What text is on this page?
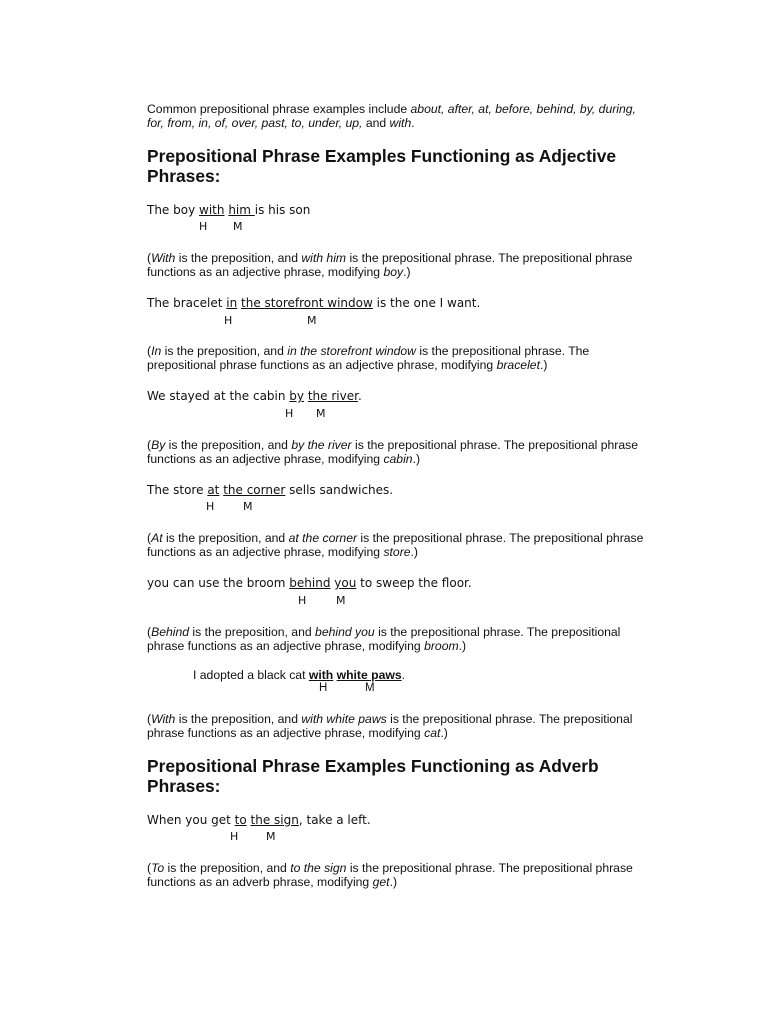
Common prepositional phrase examples include about, after, at, before, behind, by, during, for, from, in, of, over, past, to, under, up, and with.

Prepositional Phrase Examples Functioning as Adjective Phrases:
The boy with him is his son
H M

(With is the preposition, and with him is the prepositional phrase. The prepositional phrase functions as an adjective phrase, modifying boy.)

The bracelet in the storefront window is the one I want.
H	M

(In is the preposition, and in the storefront window is the prepositional phrase. The prepositional phrase functions as an adjective phrase, modifying bracelet.)

We stayed at the cabin by the river.
H M

(By is the preposition, and by the river is the prepositional phrase. The prepositional phrase functions as an adjective phrase, modifying cabin.)

The store at the corner sells sandwiches.
H	M

(At is the preposition, and at the corner is the prepositional phrase. The prepositional phrase functions as an adjective phrase, modifying store.)

you can use the broom behind you to sweep the floor.
H	M

(Behind is the preposition, and behind you is the prepositional phrase. The prepositional phrase functions as an adjective phrase, modifying broom.)

I adopted a black cat with white paws.
H	M

(With is the preposition, and with white paws is the prepositional phrase. The prepositional phrase functions as an adjective phrase, modifying cat.)

Prepositional Phrase Examples Functioning as Adverb Phrases:
When you get to the sign, take a left.
H	M

(To is the preposition, and to the sign is the prepositional phrase. The prepositional phrase functions as an adverb phrase, modifying get.)
